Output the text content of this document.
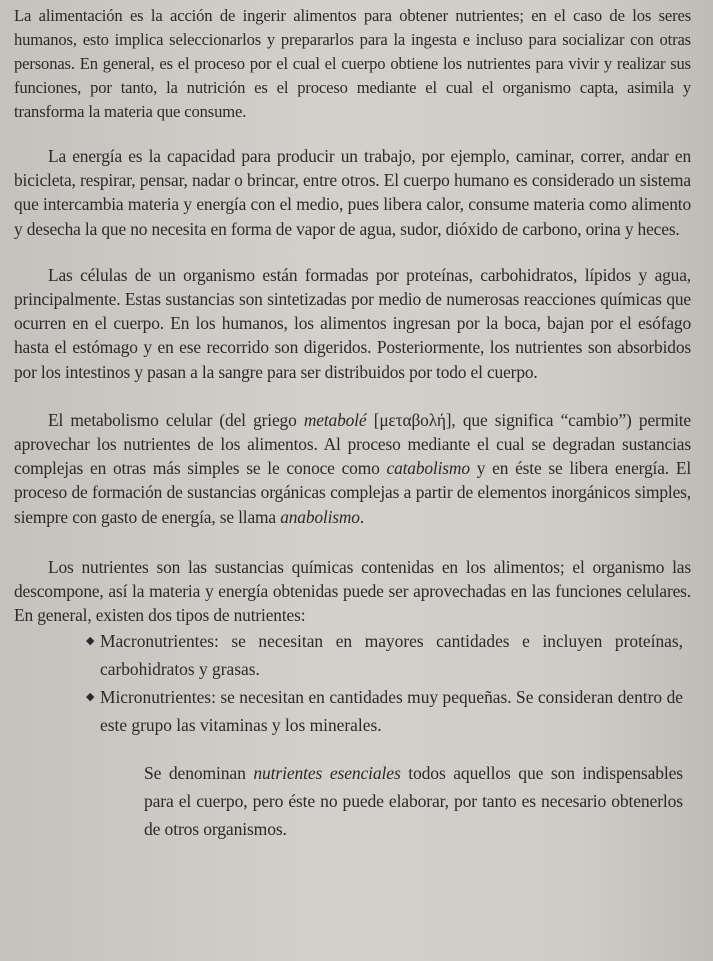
La alimentación es la acción de ingerir alimentos para obtener nutrientes; en el caso de los seres humanos, esto implica seleccionarlos y prepararlos para la ingesta e incluso para socializar con otras personas. En general, es el proceso por el cual el cuerpo obtiene los nutrientes para vivir y realizar sus funciones, por tanto, la nutrición es el proceso mediante el cual el organismo capta, asimila y transforma la materia que consume.

La energía es la capacidad para producir un trabajo, por ejemplo, caminar, correr, andar en bicicleta, respirar, pensar, nadar o brincar, entre otros. El cuerpo humano es considerado un sistema que intercambia materia y energía con el medio, pues libera calor, consume materia como alimento y desecha la que no necesita en forma de vapor de agua, sudor, dióxido de carbono, orina y heces.

Las células de un organismo están formadas por proteínas, carbohidratos, lípidos y agua, principalmente. Estas sustancias son sintetizadas por medio de numerosas reacciones químicas que ocurren en el cuerpo. En los humanos, los alimentos ingresan por la boca, bajan por el esófago hasta el estómago y en ese recorrido son digeridos. Posteriormente, los nutrientes son absorbidos por los intestinos y pasan a la sangre para ser distribuidos por todo el cuerpo.

El metabolismo celular (del griego metabolé [μεταβολή], que significa “cambio”) permite aprovechar los nutrientes de los alimentos. Al proceso mediante el cual se degradan sustancias complejas en otras más simples se le conoce como catabolismo y en éste se libera energía. El proceso de formación de sustancias orgánicas complejas a partir de elementos inorgánicos simples, siempre con gasto de energía, se llama anabolismo.

Los nutrientes son las sustancias químicas contenidas en los alimentos; el organismo las descompone, así la materia y energía obtenidas puede ser aprovechadas en las funciones celulares. En general, existen dos tipos de nutrientes:

◆ Macronutrientes: se necesitan en mayores cantidades e incluyen proteínas, carbohidratos y grasas.
◆ Micronutrientes: se necesitan en cantidades muy pequeñas. Se consideran dentro de este grupo las vitaminas y los minerales.

Se denominan nutrientes esenciales todos aquellos que son indispensables para el cuerpo, pero éste no puede elaborar, por tanto es necesario obtenerlos de otros organismos.
